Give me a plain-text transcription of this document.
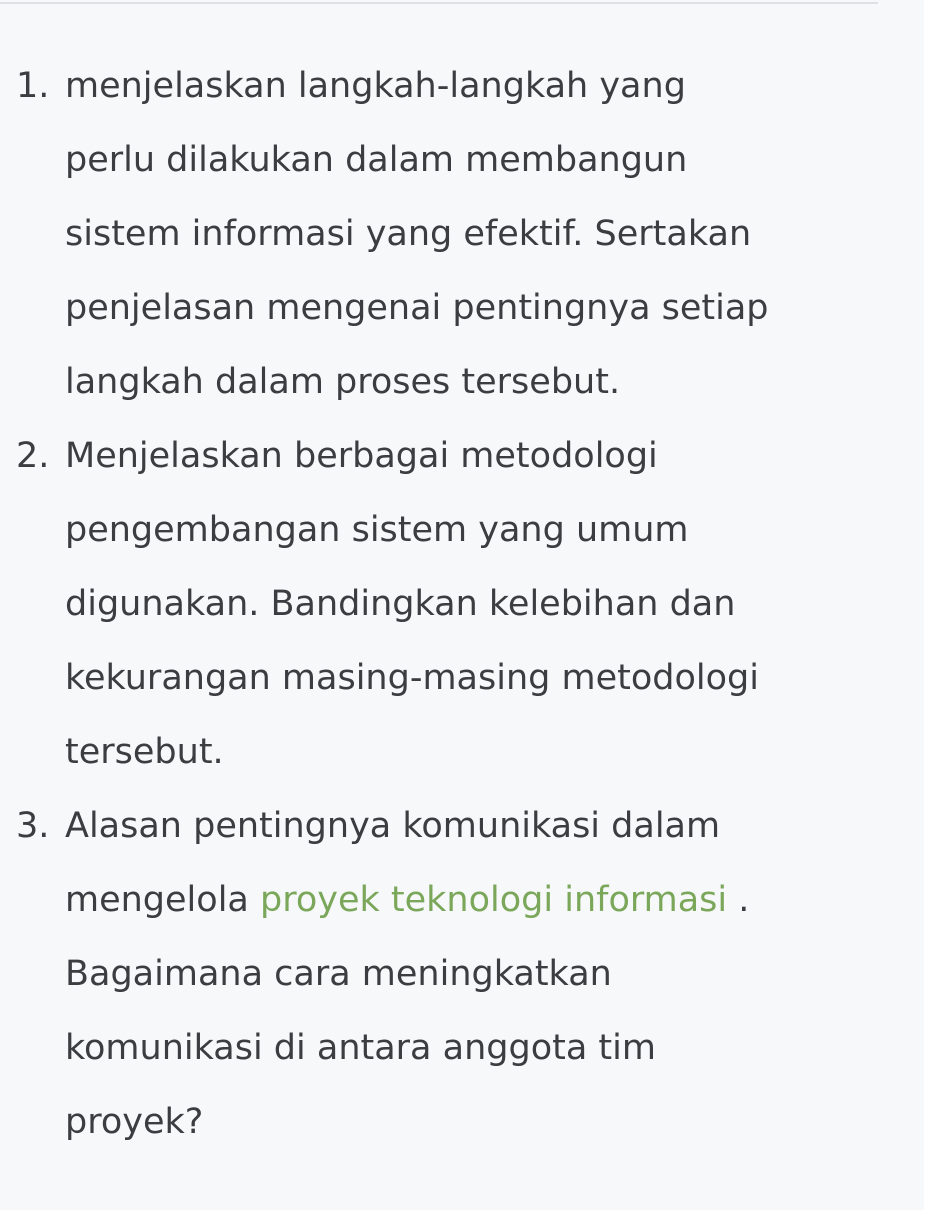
1. menjelaskan langkah-langkah yang
perlu dilakukan dalam membangun
sistem informasi yang efektif. Sertakan
penjelasan mengenai pentingnya setiap
langkah dalam proses tersebut.
2. Menjelaskan berbagai metodologi
pengembangan sistem yang umum
digunakan. Bandingkan kelebihan dan
kekurangan masing-masing metodologi
tersebut.
3. Alasan pentingnya komunikasi dalam
mengelola proyek teknologi informasi .
Bagaimana cara meningkatkan
komunikasi di antara anggota tim
proyek?
